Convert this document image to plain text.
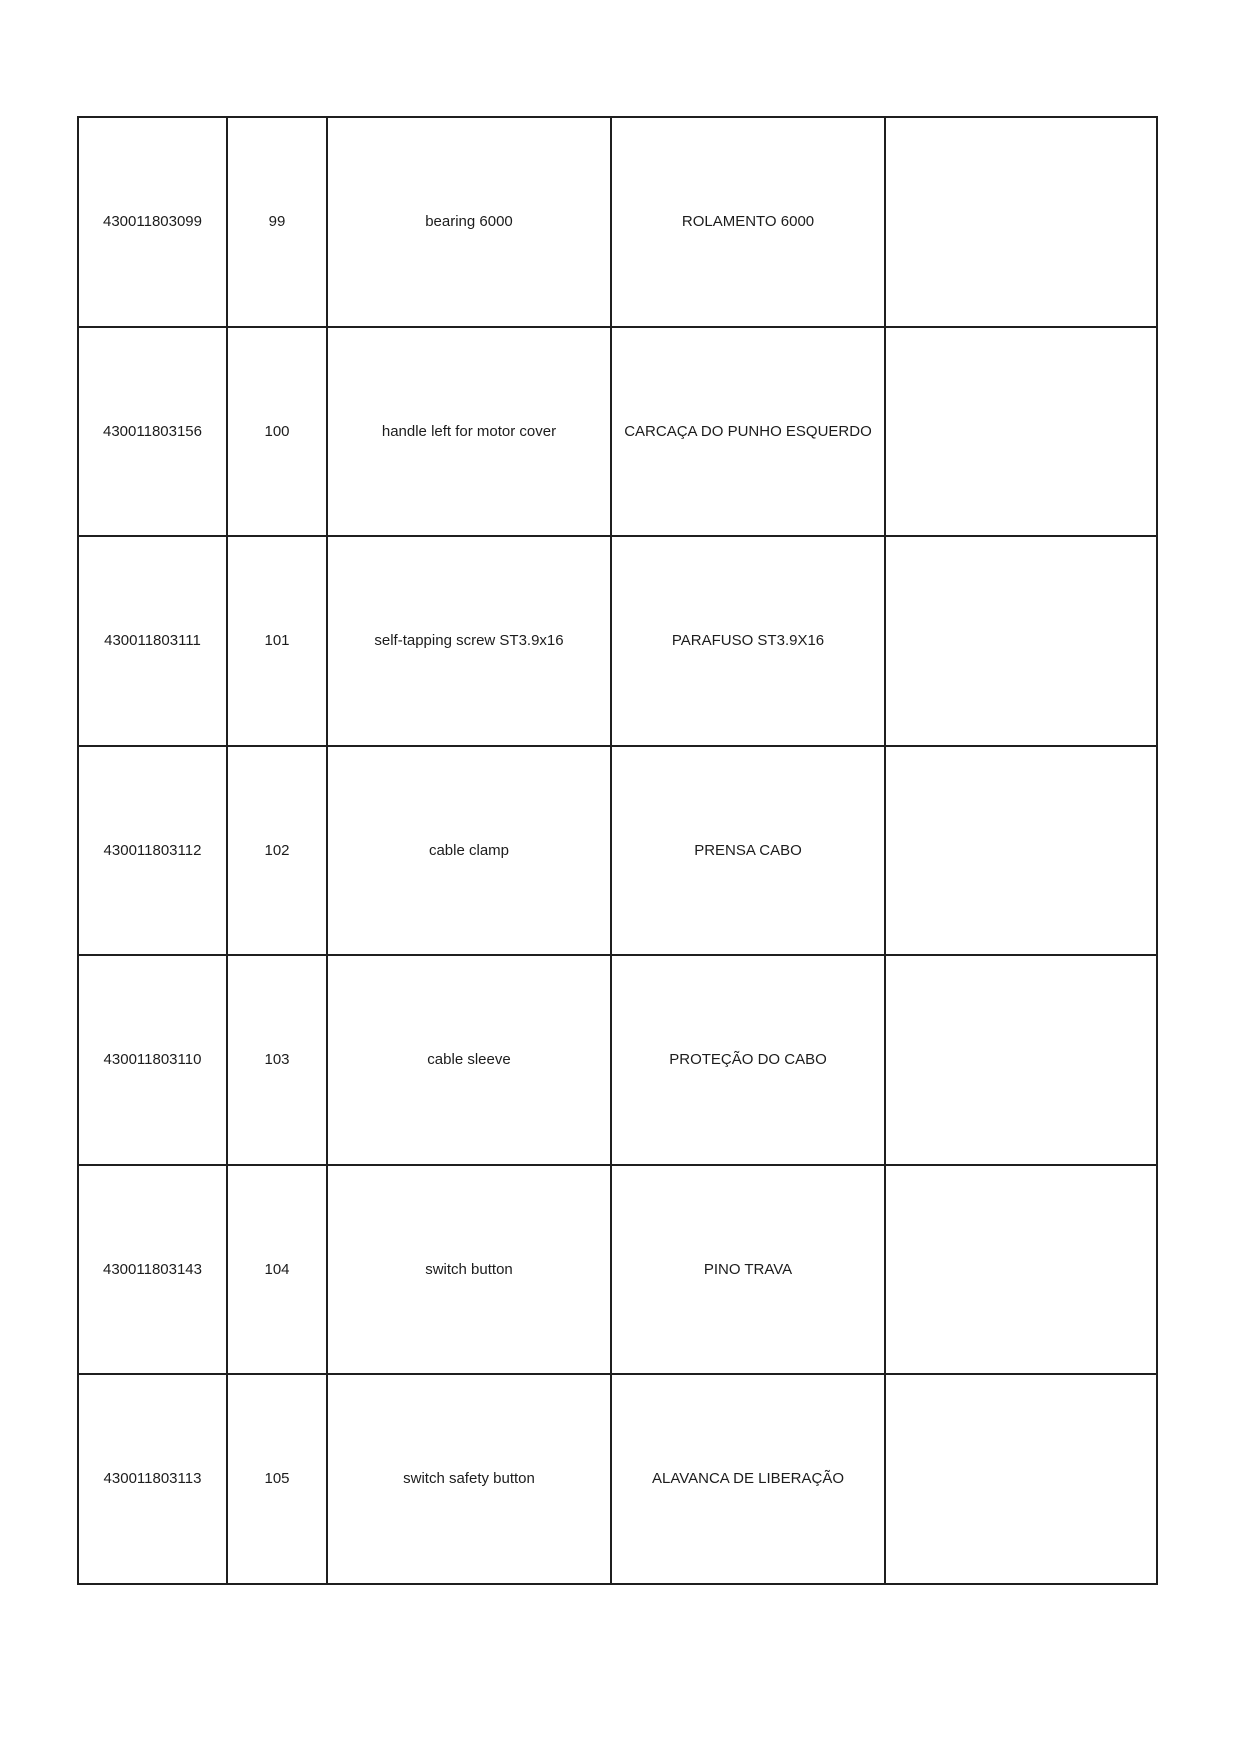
430011803099	99	bearing 6000	ROLAMENTO 6000	
430011803156	100	handle left for motor cover	CARCAÇA DO PUNHO ESQUERDO	
430011803111	101	self-tapping screw ST3.9x16	PARAFUSO ST3.9X16	
430011803112	102	cable clamp	PRENSA CABO	
430011803110	103	cable sleeve	PROTEÇÃO DO CABO	
430011803143	104	switch button	PINO TRAVA	
430011803113	105	switch safety button	ALAVANCA DE LIBERAÇÃO	
